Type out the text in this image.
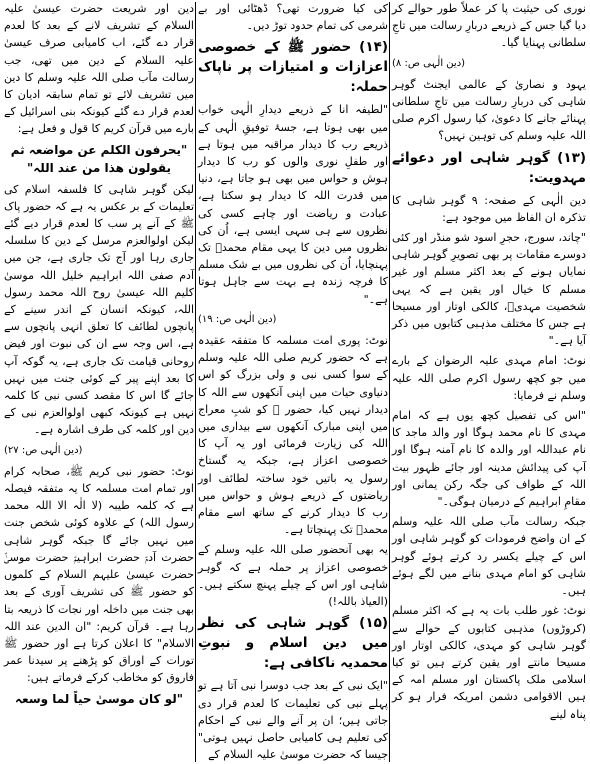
نوری کی حیثیت پا کر عملاً طور حوالے کر دیا گیا جس کے ذریعے دربارِ رسالت میں تاجِ سلطانی پہنایا گیا۔

(دین الٰہی ص: ۸)

یہود و نصاریٰ کے عالمی ایجنٹ گوہر شاہی کی دربارِ رسالت میں تاجِ سلطانی پہنائے جانے کا دعویٰ، کیا رسول اکرم صلی اللہ علیہ وسلم کی توہین نہیں؟

(۱۳) گوہر شاہی اور دعوائے مہدویت:

دین الٰہی کے صفحہ: ۹ گوہر شاہی کا تذکرہ ان الفاظ میں موجود ہے:

"چاند، سورج، حجرِ اسود شو منڈر اور کئی دوسرے مقامات پر بھی تصویرِ گوہر شاہی نمایاں ہونے کے بعد اکثر مسلم اور غیر مسلم کا خیال اور یقین ہے کہ یہی شخصیت مہدیؑ، کالکی اوتار اور مسیحا ہے جس کا مختلف مذہبی کتابوں میں ذکر آیا ہے۔"

نوٹ: امام مہدی علیہ الرضوان کے بارے میں جو کچھ رسول اکرم صلی اللہ علیہ وسلم نے فرمایا:

"اس کی تفصیل کچھ یوں ہے کہ امام مہدی کا نام محمد ہوگا اور والد ماجد کا نام عبداللہ اور والدہ کا نام آمنہ ہوگا اور آپ کی پیدائش مدینہ اور جائے ظہور بیت اللہ کے طواف کی جگہ رکن یمانی اور مقامِ ابراہیم کے درمیان ہوگی۔"

جبکہ رسالت مآب صلی اللہ علیہ وسلم کے ان واضح فرمودات کو گوہر شاہی اور اس کے چیلے یکسر رد کرتے ہوئے گوہر شاہی کو امام مہدی بنانے میں لگے ہوئے ہیں۔

نوٹ: غور طلب بات یہ ہے کہ اکثر مسلم (کروڑوں) مذہبی کتابوں کے حوالے سے گوہر شاہی کو مہدی، کالکی اوتار اور مسیحا مانتے اور یقین کرتے ہیں تو کیا اسلامی ملک پاکستان اور مسلم امہ کے ہیں الاقوامی دشمن امریکہ فرار ہو کر پناہ لینے

کی کیا ضرورت تھی؟ ڈھٹائی اور بے شرمی کی تمام حدود توڑ دیں۔

(۱۴) حضور ﷺ کے خصوصی اعزازات و امتیازات پر ناپاک حملہ:

"لطیفہ انا کے ذریعے دیدارِ الٰہی خواب میں بھی ہوتا ہے، جسۂ توفیقِ الٰہی کے ذریعے رب کا دیدار مراقبہ میں ہوتا ہے اور طفلِ نوری والوں کو رب کا دیدار ہوش و حواس میں بھی ہو جاتا ہے، دنیا میں قدرت اللہ کا دیدار ہو سکتا ہے، عبادت و ریاضت اور چاہے کسی کی نظروں سے ہی سہی ایسی ہے، اُن کی نظروں میں دین کا یہی مقام محمدؐ تک پہنچایا، اُن کی نظروں میں بے شک مسلم کا فرچہ زندہ ہے بہت سے جاہل ہوتا ہے۔"

(دین الٰہی ص: ۱۹)

نوٹ: پوری امت مسلمہ کا متفقہ عقیدہ ہے کہ حضور کریم صلی اللہ علیہ وسلم کے سوا کسی نبی و ولی بزرگ کو اس دنیاوی حیات میں اپنی آنکھوں سے اللہ کا دیدار نہیں کیا، حضور ﷺ کو شبِ معراج میں اپنی مبارک آنکھوں سے بیداری میں اللہ کی زیارت فرمائی اور یہ آپ کا خصوصی اعزاز ہے، جبکہ یہ گستاخ رسول یہ باتیں خود ساختہ لطائف اور ریاضتوں کے ذریعے ہوش و حواس میں رب کا دیدار کرنے کے ساتھ اسے مقام محمدؐ تک پہنچاتا ہے۔

یہ بھی آنحضور صلی اللہ علیہ وسلم کے خصوصی اعزاز پر حملہ ہے کہ گوہر شاہی اور اس کے چیلے پہنچ سکتے ہیں۔ (العیاذ باللہ!)

(۱۵) گوہر شاہی کی نظر میں دین اسلام و نبوتِ محمدیہ ناکافی ہے:

"ایک نبی کے بعد جب دوسرا نبی آتا ہے تو پہلے نبی کی تعلیمات کا لعدم قرار دی جاتی ہیں؛ ان پر آنے والے نبی کے احکام کی تعلیم ہی کامیابی حاصل نہیں ہوتی" جیسا کہ حضرت موسیٰ علیہ السلام کے

دین اور شریعت حضرت عیسیٰ علیہ السلام کے تشریف لانے کے بعد کا لعدم قرار دے گئے، اب کامیابی صرف عیسیٰ علیہ السلام کے دین میں تھی، جب رسالت مآب صلی اللہ علیہ وسلم کا دین میں تشریف لائے تو تمام سابقہ ادیان کا لعدم قرار دے گئے کیونکہ بنی اسرائیل کے بارے میں قرآن کریم کا قول و فعل ہے:

"یحرفون الکلم عن مواضعہ ثم یقولون ھذا من عند اللہ"

لیکن گوہر شاہی کا فلسفہ اسلام کی تعلیمات کے بر عکس یہ ہے کہ حضور پاک ﷺ کے آنے پر سب کا لعدم قرار دیے گئے لیکن اولوالعزم مرسل کے دین کا سلسلہ جاری رہا اور آج تک جاری ہے، جن میں آدم صفی اللہ ابراہیم خلیل اللہ موسیٰ کلیم اللہ عیسیٰ روح اللہ محمد رسول اللہ، کیونکہ انسان کے اندر سینے کے پانچوں لطائف کا تعلق انہی پانچوں سے ہے، اس وجہ سے ان کی نبوت اور فیض روحانی قیامت تک جاری ہے، یہ گوکہ آپ کا بعد اپنے پیر کے کوئی جنت میں نہیں جائے گا اس کا مقصد کسی نبی کا کلمہ نہیں ہے کیونکہ کبھی اولوالعزم نبی کے دین اور کلمہ کی طرف اشارہ ہے۔

(دین الٰہی ص: ۲۷)

نوٹ: حضور نبی کریم ﷺ، صحابہ کرام اور تمام امت مسلمہ کا یہ متفقہ فیصلہ ہے کہ کلمہ طیبہ (لا الٰہ الا اللہ محمد رسول اللہ) کے علاوہ کوئی شخص جنت میں نہیں جائے گا جبکہ گوہر شاہی حضرت آدمؑ حضرت ابراہیمؑ حضرت موسیٰؑ حضرت عیسیٰ علیہم السلام کے کلموں کو حضور ﷺ کی تشریف آوری کے بعد بھی جنت میں داخلہ اور نجات کا ذریعہ بتا رہا ہے۔ قرآن کریم: "ان الدین عند اللہ الاسلام" کا اعلان کرتا ہے اور حضور ﷺ تورات کے اوراق کو پڑھنے پر سیدنا عمر فاروق کو مخاطب کرکے فرماتے ہیں:

"لو کان موسیٰ حیاً لما وسعہ
